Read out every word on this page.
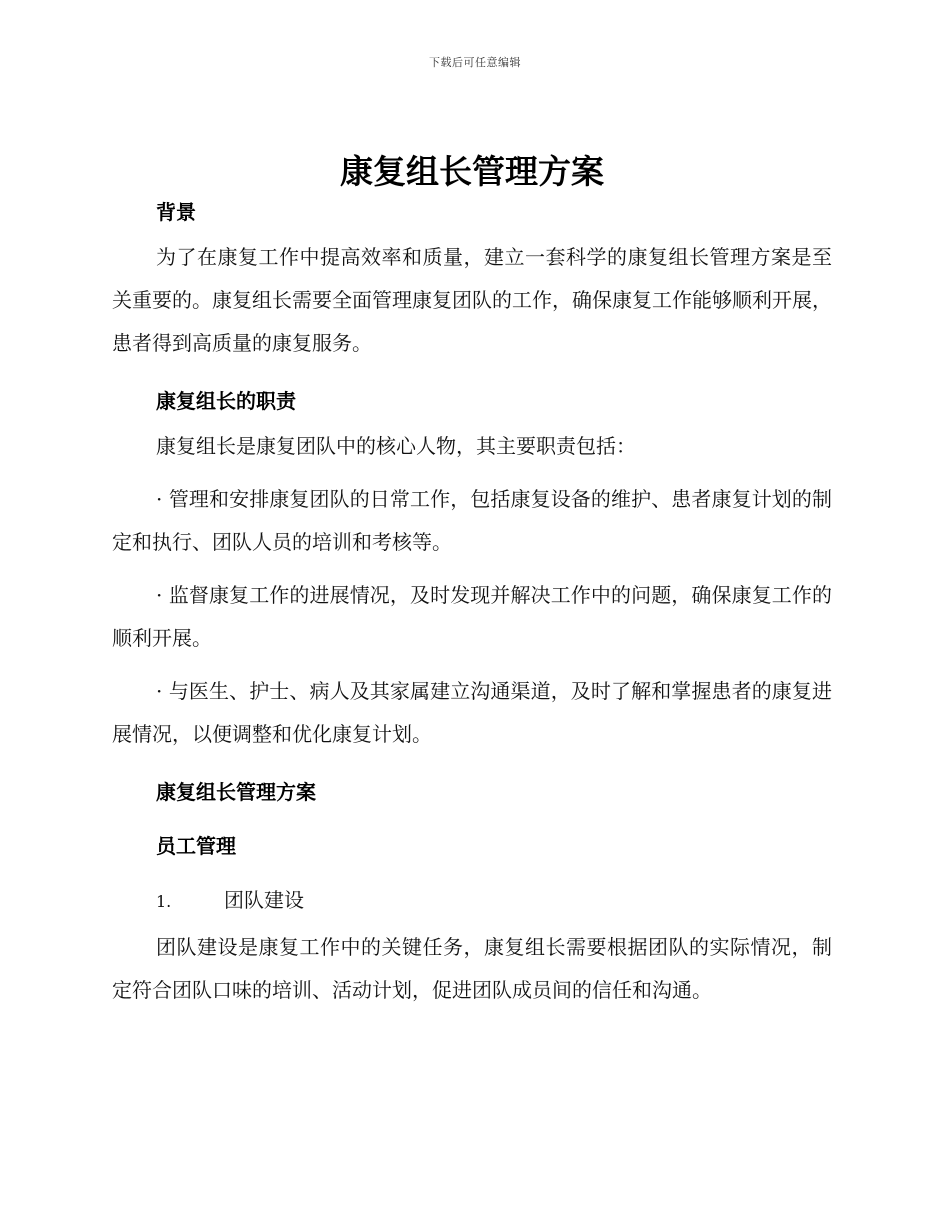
下载后可任意编辑
康复组长管理方案
背景

为了在康复工作中提高效率和质量，建立一套科学的康复组长管理方案是至关重要的。康复组长需要全面管理康复团队的工作，确保康复工作能够顺利开展，患者得到高质量的康复服务。

康复组长的职责

康复组长是康复团队中的核心人物，其主要职责包括：

· 管理和安排康复团队的日常工作，包括康复设备的维护、患者康复计划的制定和执行、团队人员的培训和考核等。

· 监督康复工作的进展情况，及时发现并解决工作中的问题，确保康复工作的顺利开展。

· 与医生、护士、病人及其家属建立沟通渠道，及时了解和掌握患者的康复进展情况，以便调整和优化康复计划。

康复组长管理方案
员工管理
1.	团队建设

团队建设是康复工作中的关键任务，康复组长需要根据团队的实际情况，制定符合团队口味的培训、活动计划，促进团队成员间的信任和沟通。
